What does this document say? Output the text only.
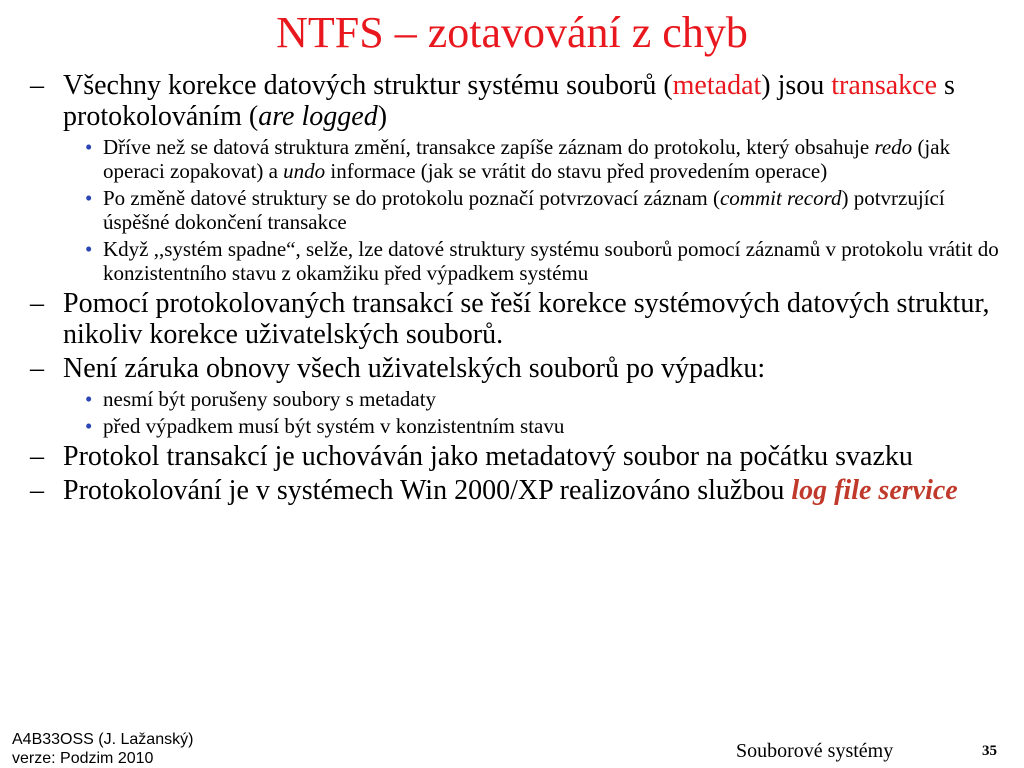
NTFS – zotavování z chyb
– Všechny korekce datových struktur systému souborů (metadat) jsou transakce s protokolováním (are logged)
• Dříve než se datová struktura změní, transakce zapíše záznam do protokolu, který obsahuje redo (jak operaci zopakovat) a undo informace (jak se vrátit do stavu před provedením operace)
• Po změně datové struktury se do protokolu poznačí potvrzovací záznam (commit record) potvrzující úspěšné dokončení transakce
• Když ,,systém spadne“, selže, lze datové struktury systému souborů pomocí záznamů v protokolu vrátit do konzistentního stavu z okamžiku před výpadkem systému
– Pomocí protokolovaných transakcí se řeší korekce systémových datových struktur, nikoliv korekce uživatelských souborů.
– Není záruka obnovy všech uživatelských souborů po výpadku:
• nesmí být porušeny soubory s metadaty
• před výpadkem musí být systém v konzistentním stavu
– Protokol transakcí je uchováván jako metadatový soubor na počátku svazku
– Protokolování je v systémech Win 2000/XP realizováno službou log file service
A4B33OSS (J. Lažanský)
verze: Podzim 2010	Souborové systémy	35
